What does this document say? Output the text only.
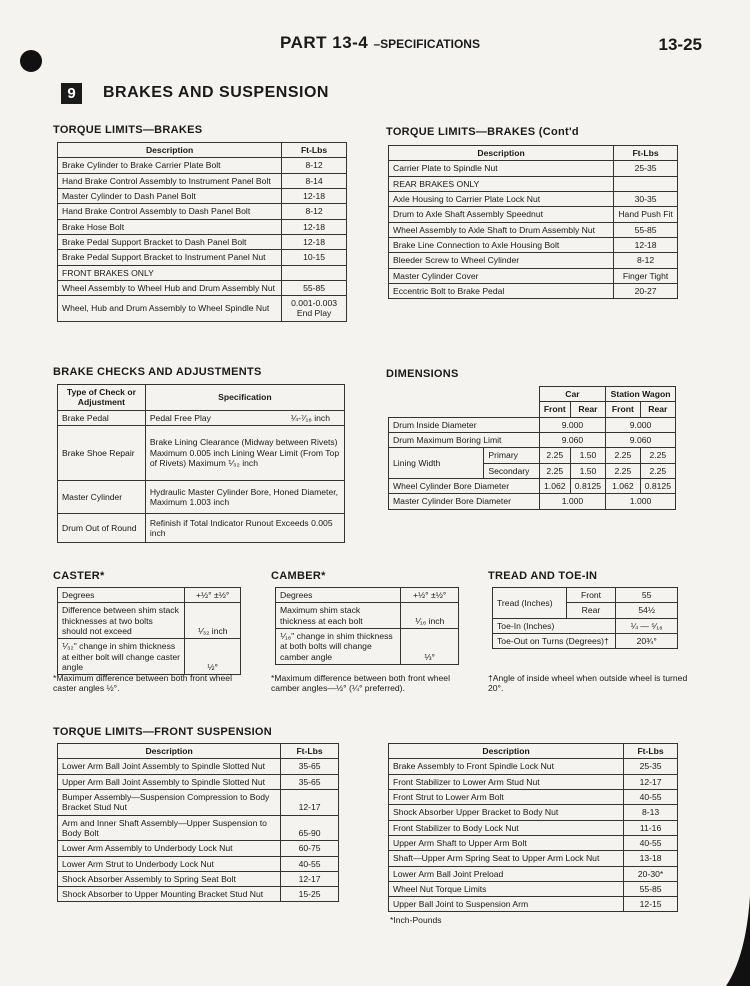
PART 13-4 –SPECIFICATIONS	13-25
9	BRAKES AND SUSPENSION
TORQUE LIMITS—BRAKES
Description	Ft-Lbs
Brake Cylinder to Brake Carrier Plate Bolt	8-12
Hand Brake Control Assembly to Instrument Panel Bolt	8-14
Master Cylinder to Dash Panel Bolt	12-18
Hand Brake Control Assembly to Dash Panel Bolt	8-12
Brake Hose Bolt	12-18
Brake Pedal Support Bracket to Dash Panel Bolt	12-18
Brake Pedal Support Bracket to Instrument Panel Nut	10-15
FRONT BRAKES ONLY	
Wheel Assembly to Wheel Hub and Drum Assembly Nut	55-85
Wheel, Hub and Drum Assembly to Wheel Spindle Nut	0.001-0.003 End Play
TORQUE LIMITS—BRAKES (Cont'd
Description	Ft-Lbs
Carrier Plate to Spindle Nut	25-35
REAR BRAKES ONLY	
Axle Housing to Carrier Plate Lock Nut	30-35
Drum to Axle Shaft Assembly Speednut	Hand Push Fit
Wheel Assembly to Axle Shaft to Drum Assembly Nut	55-85
Brake Line Connection to Axle Housing Bolt	12-18
Bleeder Screw to Wheel Cylinder	8-12
Master Cylinder Cover	Finger Tight
Eccentric Bolt to Brake Pedal	20-27
BRAKE CHECKS AND ADJUSTMENTS
Type of Check or Adjustment	Specification
Brake Pedal	Pedal Free Play ¼-⁷⁄₁₆ inch

Brake Shoe Repair	Brake Lining Clearance (Midway between Rivets) Maximum 0.005 inch Lining Wear Limit (From Top of Rivets) Maximum ⅟₃₂ inch
Master Cylinder	Hydraulic Master Cylinder Bore, Honed Diameter, Maximum 1.003 inch
Drum Out of Round	Refinish if Total Indicator Runout Exceeds 0.005 inch
DIMENSIONS
		Car		Station Wagon	
		Front	Rear	Front	Rear
Drum Inside Diameter		9.000		9.000	
Drum Maximum Boring Limit		9.060		9.060	
Lining Width	Primary	2.25	1.50	2.25	2.25
	Secondary	2.25	1.50	2.25	2.25
Wheel Cylinder Bore Diameter		1.062	0.8125	1.062	0.8125
Master Cylinder Bore Diameter		1.000		1.000	
CASTER*
Degrees	+½° ±½°
Difference between shim stack thicknesses at two bolts should not exceed	⅟₃₂ inch
⅟₃₂" change in shim thickness at either bolt will change caster angle	½°
*Maximum difference between both front wheel caster angles ½°.
CAMBER*
Degrees	+½° ±½°
Maximum shim stack thickness at each bolt	⅟₁₆ inch
⅟₁₆" change in shim thickness at both bolts will change camber angle	⅓°
*Maximum difference between both front wheel camber angles—½° (¼° preferred).
TREAD AND TOE-IN
Tread (Inches)	Front	55
	Rear	54½
Toe-In (Inches)		¼ — ⁵⁄₁₆
Toe-Out on Turns (Degrees)†		20¾°
†Angle of inside wheel when outside wheel is turned 20°.
TORQUE LIMITS—FRONT SUSPENSION
Description	Ft-Lbs
Lower Arm Ball Joint Assembly to Spindle Slotted Nut	35-65
Upper Arm Ball Joint Assembly to Spindle Slotted Nut	35-65
Bumper Assembly—Suspension Compression to Body Bracket Stud Nut	12-17
Arm and Inner Shaft Assembly—Upper Suspension to Body Bolt	65-90
Lower Arm Assembly to Underbody Lock Nut	60-75
Lower Arm Strut to Underbody Lock Nut	40-55
Shock Absorber Assembly to Spring Seat Bolt	12-17
Shock Absorber to Upper Mounting Bracket Stud Nut	15-25
Description	Ft-Lbs
Brake Assembly to Front Spindle Lock Nut	25-35
Front Stabilizer to Lower Arm Stud Nut	12-17
Front Strut to Lower Arm Bolt	40-55
Shock Absorber Upper Bracket to Body Nut	8-13
Front Stabilizer to Body Lock Nut	11-16
Upper Arm Shaft to Upper Arm Bolt	40-55
Shaft—Upper Arm Spring Seat to Upper Arm Lock Nut	13-18
Lower Arm Ball Joint Preload	20-30*
Wheel Nut Torque Limits	55-85
Upper Ball Joint to Suspension Arm	12-15
*Inch-Pounds
